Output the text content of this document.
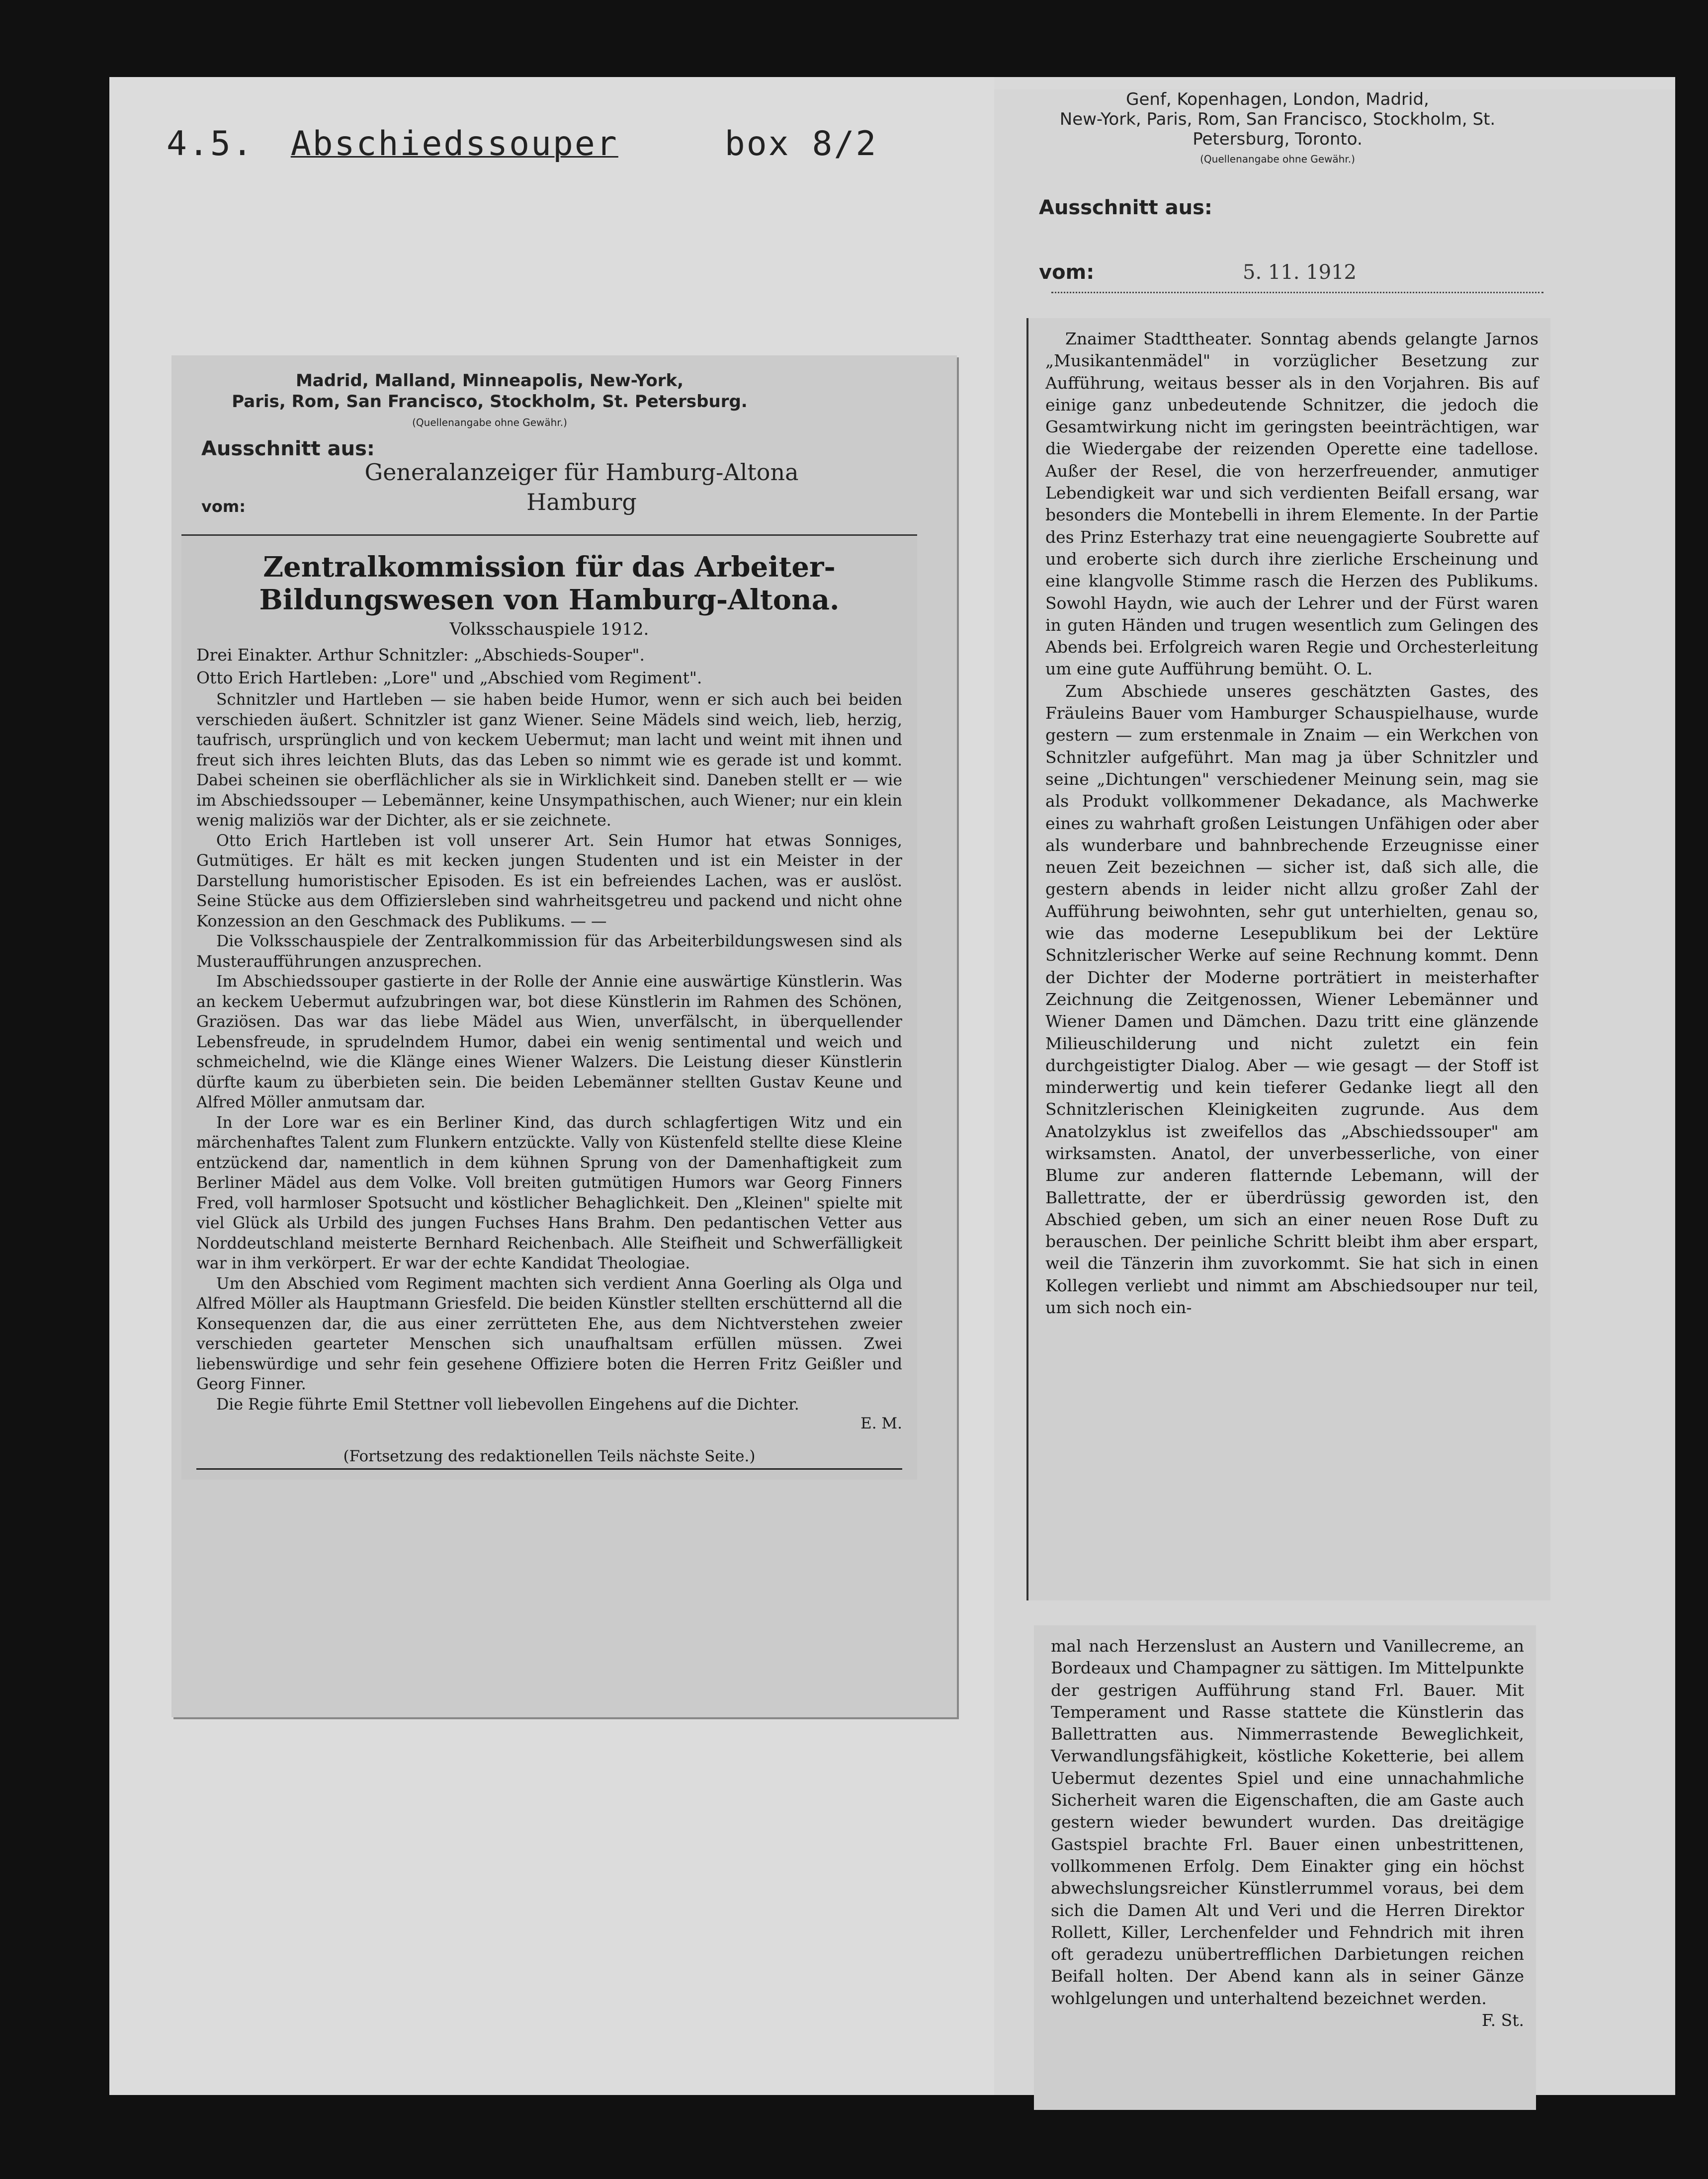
4.5. Abschiedssouper	box 8/2
Madrid, Malland, Minneapolis, New-York,
Paris, Rom, San Francisco, Stockholm, St. Petersburg.
(Quellenangabe ohne Gewähr.)
Ausschnitt aus:
vom:
Generalanzeiger für Hamburg-Altona
Hamburg
Zentralkommission für das Arbeiter-Bildungswesen von Hamburg-Altona.
Volksschauspiele 1912.
Drei Einakter. Arthur Schnitzler: „Abschieds-Souper".
Otto Erich Hartleben: „Lore" und „Abschied vom Regiment".

Schnitzler und Hartleben — sie haben beide Humor, wenn er sich auch bei beiden verschieden äußert. Schnitzler ist ganz Wiener. Seine Mädels sind weich, lieb, herzig, taufrisch, ursprünglich und von keckem Uebermut; man lacht und weint mit ihnen und freut sich ihres leichten Bluts, das das Leben so nimmt wie es gerade ist und kommt. Dabei scheinen sie oberflächlicher als sie in Wirklichkeit sind. Daneben stellt er — wie im Abschiedssouper — Lebemänner, keine Unsympathischen, auch Wiener; nur ein klein wenig maliziös war der Dichter, als er sie zeichnete.

Otto Erich Hartleben ist voll unserer Art. Sein Humor hat etwas Sonniges, Gutmütiges. Er hält es mit kecken jungen Studenten und ist ein Meister in der Darstellung humoristischer Episoden. Es ist ein befreiendes Lachen, was er auslöst. Seine Stücke aus dem Offiziersleben sind wahrheitsgetreu und packend und nicht ohne Konzession an den Geschmack des Publikums. — —

Die Volksschauspiele der Zentralkommission für das Arbeiterbildungswesen sind als Musteraufführungen anzusprechen.

Im Abschiedssouper gastierte in der Rolle der Annie eine auswärtige Künstlerin. Was an keckem Uebermut aufzubringen war, bot diese Künstlerin im Rahmen des Schönen, Graziösen. Das war das liebe Mädel aus Wien, unverfälscht, in überquellender Lebensfreude, in sprudelndem Humor, dabei ein wenig sentimental und weich und schmeichelnd, wie die Klänge eines Wiener Walzers. Die Leistung dieser Künstlerin dürfte kaum zu überbieten sein. Die beiden Lebemänner stellten Gustav Keune und Alfred Möller anmutsam dar.

In der Lore war es ein Berliner Kind, das durch schlagfertigen Witz und ein märchenhaftes Talent zum Flunkern entzückte. Vally von Küstenfeld stellte diese Kleine entzückend dar, namentlich in dem kühnen Sprung von der Damenhaftigkeit zum Berliner Mädel aus dem Volke. Voll breiten gutmütigen Humors war Georg Finners Fred, voll harmloser Spotsucht und köstlicher Behaglichkeit. Den „Kleinen" spielte mit viel Glück als Urbild des jungen Fuchses Hans Brahm. Den pedantischen Vetter aus Norddeutschland meisterte Bernhard Reichenbach. Alle Steifheit und Schwerfälligkeit war in ihm verkörpert. Er war der echte Kandidat Theologiae.

Um den Abschied vom Regiment machten sich verdient Anna Goerling als Olga und Alfred Möller als Hauptmann Griesfeld. Die beiden Künstler stellten erschütternd all die Konsequenzen dar, die aus einer zerrütteten Ehe, aus dem Nichtverstehen zweier verschieden gearteter Menschen sich unaufhaltsam erfüllen müssen. Zwei liebenswürdige und sehr fein gesehene Offiziere boten die Herren Fritz Geißler und Georg Finner.

Die Regie führte Emil Stettner voll liebevollen Eingehens auf die Dichter.

E. M.
(Fortsetzung des redaktionellen Teils nächste Seite.)
Genf, Kopenhagen, London, Madrid,
New-York, Paris, Rom, San Francisco, Stockholm, St. Petersburg, Toronto.
(Quellenangabe ohne Gewähr.)
Ausschnitt aus:
vom:	5. 11. 1912

Znaimer Stadttheater. Sonntag abends gelangte Jarnos „Musikantenmädel" in vorzüglicher Besetzung zur Aufführung, weitaus besser als in den Vorjahren. Bis auf einige ganz unbedeutende Schnitzer, die jedoch die Gesamtwirkung nicht im geringsten beeinträchtigen, war die Wiedergabe der reizenden Operette eine tadellose. Außer der Resel, die von herzerfreuender, anmutiger Lebendigkeit war und sich verdienten Beifall ersang, war besonders die Montebelli in ihrem Elemente. In der Partie des Prinz Esterhazy trat eine neuengagierte Soubrette auf und eroberte sich durch ihre zierliche Erscheinung und eine klangvolle Stimme rasch die Herzen des Publikums. Sowohl Haydn, wie auch der Lehrer und der Fürst waren in guten Händen und trugen wesentlich zum Gelingen des Abends bei. Erfolgreich waren Regie und Orchesterleitung um eine gute Aufführung bemüht. O. L.

Zum Abschiede unseres geschätzten Gastes, des Fräuleins Bauer vom Hamburger Schauspielhause, wurde gestern — zum erstenmale in Znaim — ein Werkchen von Schnitzler aufgeführt. Man mag ja über Schnitzler und seine „Dichtungen" verschiedener Meinung sein, mag sie als Produkt vollkommener Dekadance, als Machwerke eines zu wahrhaft großen Leistungen Unfähigen oder aber als wunderbare und bahnbrechende Erzeugnisse einer neuen Zeit bezeichnen — sicher ist, daß sich alle, die gestern abends in leider nicht allzu großer Zahl der Aufführung beiwohnten, sehr gut unterhielten, genau so, wie das moderne Lesepublikum bei der Lektüre Schnitzlerischer Werke auf seine Rechnung kommt. Denn der Dichter der Moderne porträtiert in meisterhafter Zeichnung die Zeitgenossen, Wiener Lebemänner und Wiener Damen und Dämchen. Dazu tritt eine glänzende Milieuschilderung und nicht zuletzt ein fein durchgeistigter Dialog. Aber — wie gesagt — der Stoff ist minderwertig und kein tieferer Gedanke liegt all den Schnitzlerischen Kleinigkeiten zugrunde. Aus dem Anatolzyklus ist zweifellos das „Abschiedssouper" am wirksamsten. Anatol, der unverbesserliche, von einer Blume zur anderen flatternde Lebemann, will der Ballettratte, der er überdrüssig geworden ist, den Abschied geben, um sich an einer neuen Rose Duft zu berauschen. Der peinliche Schritt bleibt ihm aber erspart, weil die Tänzerin ihm zuvorkommt. Sie hat sich in einen Kollegen verliebt und nimmt am Abschiedsouper nur teil, um sich noch ein-

mal nach Herzenslust an Austern und Vanillecreme, an Bordeaux und Champagner zu sättigen. Im Mittelpunkte der gestrigen Aufführung stand Frl. Bauer. Mit Temperament und Rasse stattete die Künstlerin das Ballettratten aus. Nimmerrastende Beweglichkeit, Verwandlungsfähigkeit, köstliche Koketterie, bei allem Uebermut dezentes Spiel und eine unnachahmliche Sicherheit waren die Eigenschaften, die am Gaste auch gestern wieder bewundert wurden. Das dreitägige Gastspiel brachte Frl. Bauer einen unbestrittenen, vollkommenen Erfolg. Dem Einakter ging ein höchst abwechslungsreicher Künstlerrummel voraus, bei dem sich die Damen Alt und Veri und die Herren Direktor Rollett, Killer, Lerchenfelder und Fehndrich mit ihren oft geradezu unübertrefflichen Darbietungen reichen Beifall holten. Der Abend kann als in seiner Gänze wohlgelungen und unterhaltend bezeichnet werden.

F. St.
